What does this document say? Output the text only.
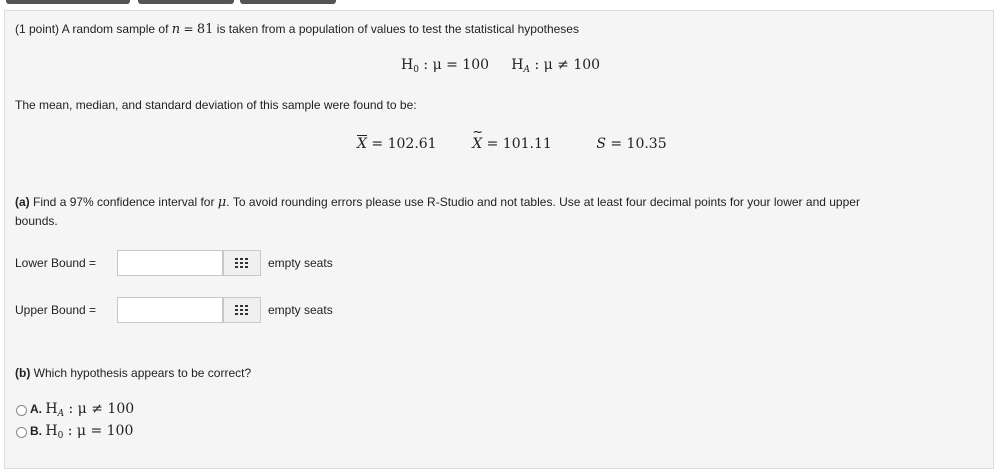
(1 point) A random sample of n = 81 is taken from a population of values to test the statistical hypotheses
$H_0$ : μ = 100 $H_A$ : μ ≠ 100
The mean, median, and standard deviation of this sample were found to be:
$\overline{X} = 102.61$
~
X = 101.11	S = 10.35
(a) Find a 97% confidence interval for μ. To avoid rounding errors please use R-Studio and not tables. Use at least four decimal points for your lower and upper
bounds.
Lower Bound =	empty seats
Upper Bound =	empty seats
(b) Which hypothesis appears to be correct?
A. $H_A$ : μ ≠ 100
B. $H_0$ : μ = 100
